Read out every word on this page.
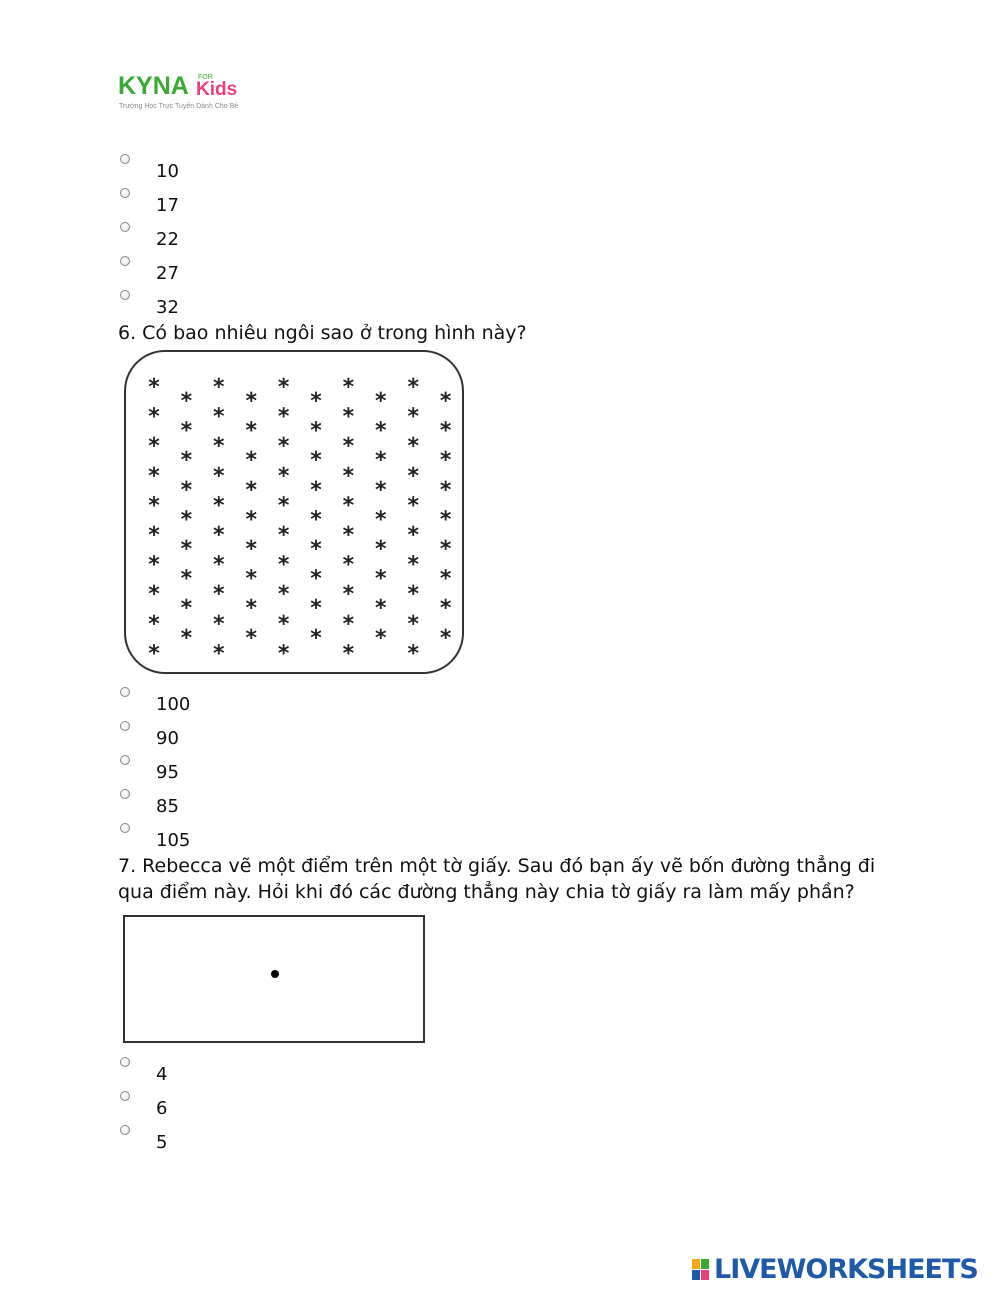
KYNA FOR
Kids
Trường Học Trực Tuyến Dành Cho Bé
10
17
22
27
32
6. Có bao nhiêu ngôi sao ở trong hình này?
*
*
*
*
*
*
*
*
*
*
*
*
*
*
*
*
*
*
*
*
*
*
*
*
*
*
*
*
*
*
*
*
*
*
*
*
*
*
*
*
*
*
*
*
*
*
*
*
*
*
*
*
*
*
*
*
*
*
*
*
*
*
*
*
*
*
*
*
*
*
*
*
*
*
*
*
*
*
*
*
*
*
*
*
*
*
*
*
*
*
*
*
*
*
*
100
90
95
85
105
7. Rebecca vẽ một điểm trên một tờ giấy. Sau đó bạn ấy vẽ bốn đường thẳng đi qua điểm này. Hỏi khi đó các đường thẳng này chia tờ giấy ra làm mấy phần?
4
6
5
LIVEWORKSHEETS
